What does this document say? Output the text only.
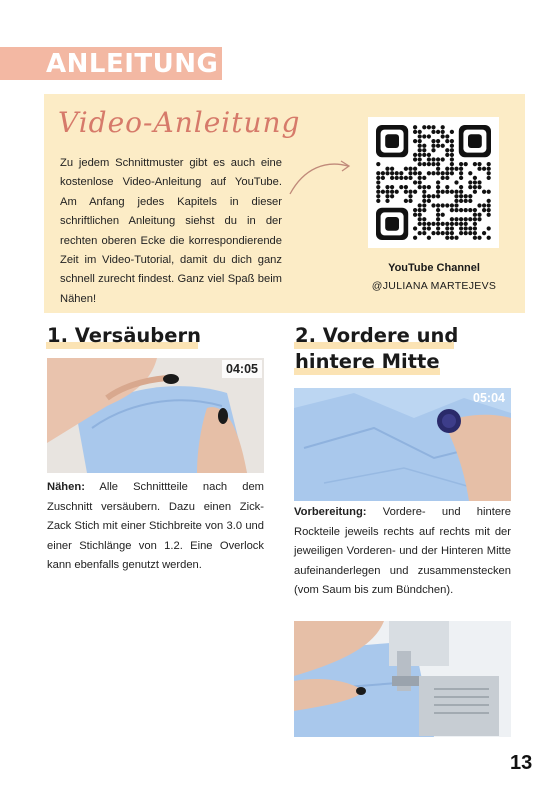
ANLEITUNG
Video-Anleitung
Zu jedem Schnittmuster gibt es auch eine kostenlose Video-Anleitung auf YouTube. Am Anfang jedes Kapitels in dieser schriftlichen Anleitung siehst du in der rechten oberen Ecke die korrespondierende Zeit im Video-Tutorial, damit du dich ganz schnell zurecht findest. Ganz viel Spaß beim Nähen!
YouTube Channel
@JULIANA MARTEJEVS
1. Versäubern
04:05
Nähen: Alle Schnittteile nach dem Zuschnitt versäubern. Dazu einen Zick-Zack Stich mit einer Stichbreite von 3.0 und einer Stichlänge von 1.2. Eine Overlock kann ebenfalls genutzt werden.
2. Vordere und
hintere Mitte
05:04
Vorbereitung: Vordere- und hintere Rockteile jeweils rechts auf rechts mit der jeweiligen Vorderen- und der Hinteren Mitte aufeinanderlegen und zusammenstecken (vom Saum bis zum Bündchen).
13
